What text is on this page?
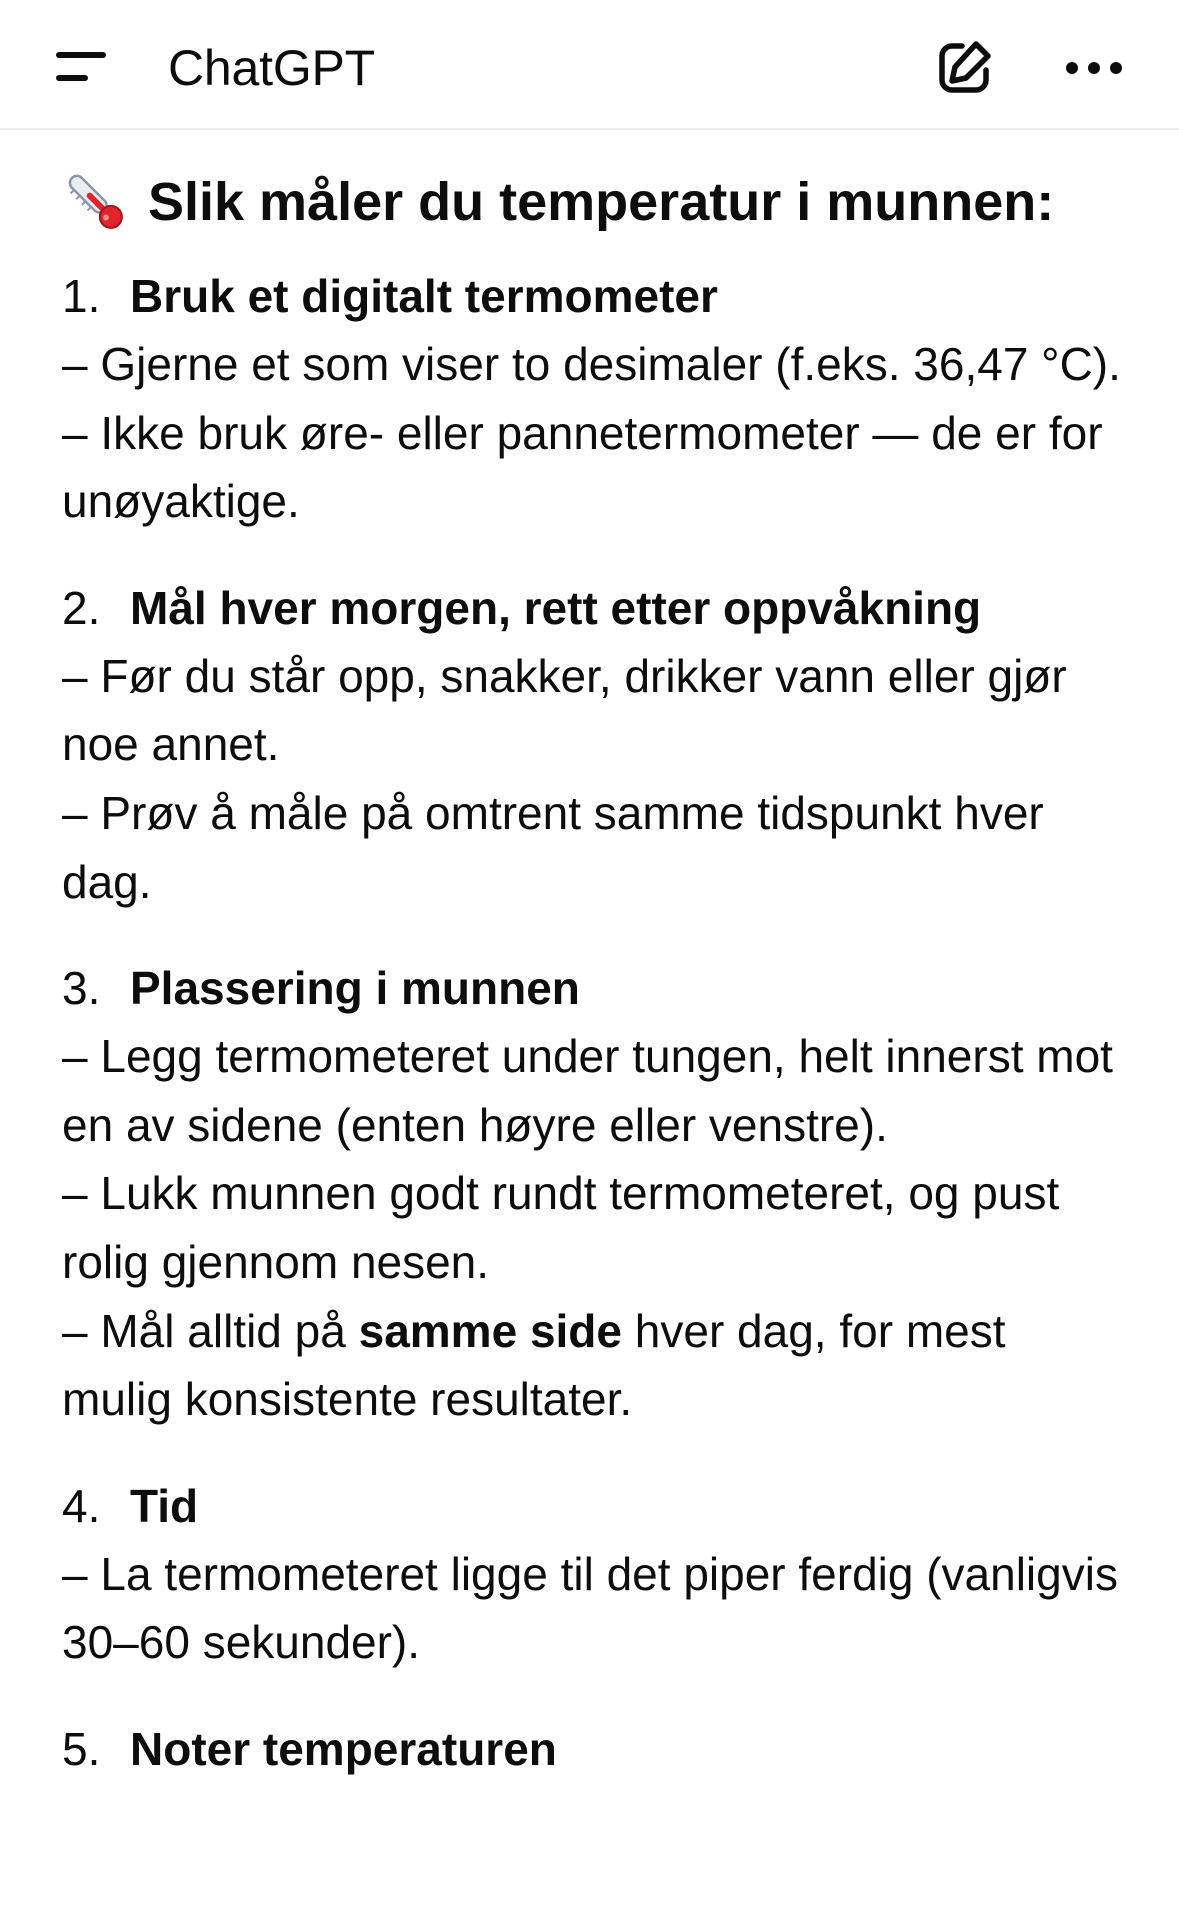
ChatGPT
Slik måler du temperatur i munnen:
1. Bruk et digitalt termometer
– Gjerne et som viser to desimaler (f.eks. 36,47 °C).
– Ikke bruk øre- eller pannetermometer — de er for unøyaktige.
2. Mål hver morgen, rett etter oppvåkning
– Før du står opp, snakker, drikker vann eller gjør noe annet.
– Prøv å måle på omtrent samme tidspunkt hver dag.
3. Plassering i munnen
– Legg termometeret under tungen, helt innerst mot en av sidene (enten høyre eller venstre).
– Lukk munnen godt rundt termometeret, og pust rolig gjennom nesen.
– Mål alltid på samme side hver dag, for mest mulig konsistente resultater.
4. Tid
– La termometeret ligge til det piper ferdig (vanligvis 30–60 sekunder).
5. Noter temperaturen
